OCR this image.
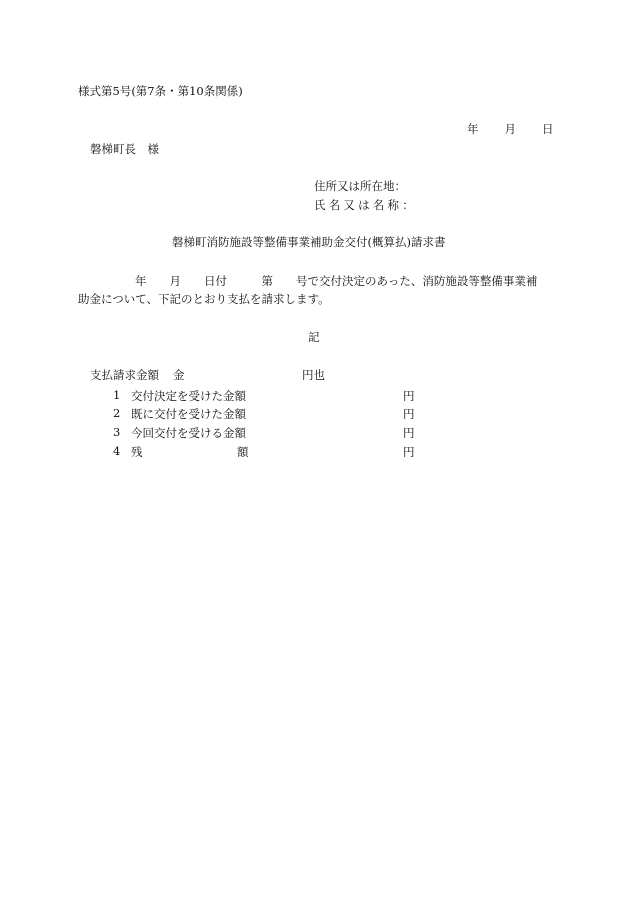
様式第5号(第7条・第10条関係)
年 月 日
磐梯町長　様
住所又は所在地：
氏名又は名称：
磐梯町消防施設等整備事業補助金交付(概算払)請求書
年　　月　　日付　　　第　　号で交付決定のあった、消防施設等整備事業補
助金について、下記のとおり支払を請求します。
記
支払請求金額 金	円也
1 交付決定を受けた金額	円
2 既に交付を受けた金額	円
3 今回交付を受ける金額	円
4 残	額	円
